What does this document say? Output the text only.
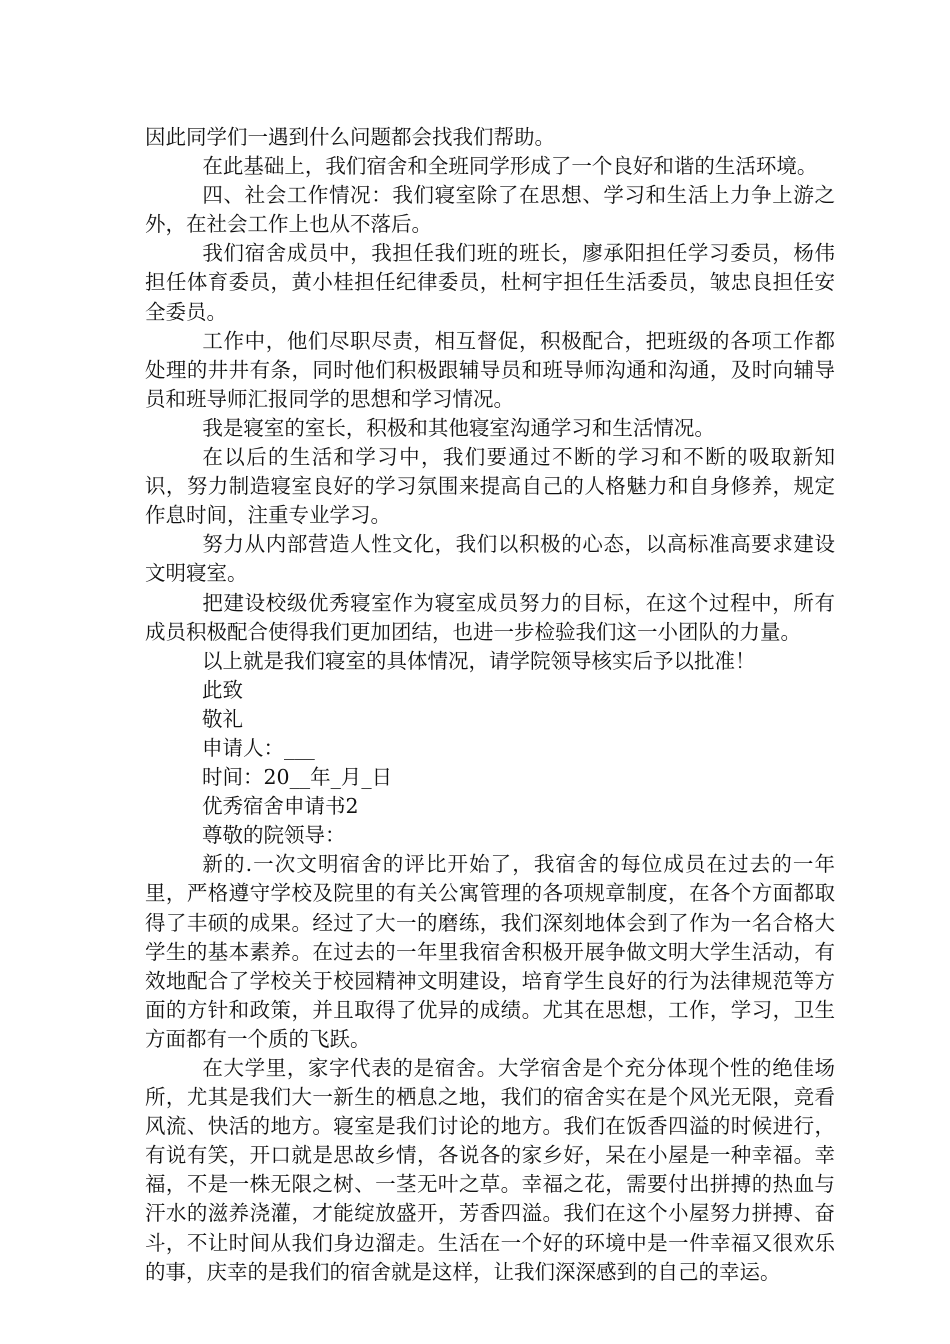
因此同学们一遇到什么问题都会找我们帮助。

在此基础上，我们宿舍和全班同学形成了一个良好和谐的生活环境。

四、社会工作情况：我们寝室除了在思想、学习和生活上力争上游之外，在社会工作上也从不落后。

我们宿舍成员中，我担任我们班的班长，廖承阳担任学习委员，杨伟担任体育委员，黄小桂担任纪律委员，杜柯宇担任生活委员，皱忠良担任安全委员。

工作中，他们尽职尽责，相互督促，积极配合，把班级的各项工作都处理的井井有条，同时他们积极跟辅导员和班导师沟通和沟通，及时向辅导员和班导师汇报同学的思想和学习情况。

我是寝室的室长，积极和其他寝室沟通学习和生活情况。

在以后的生活和学习中，我们要通过不断的学习和不断的吸取新知识，努力制造寝室良好的学习氛围来提高自己的人格魅力和自身修养，规定作息时间，注重专业学习。

努力从内部营造人性文化，我们以积极的心态，以高标准高要求建设文明寝室。

把建设校级优秀寝室作为寝室成员努力的目标，在这个过程中，所有成员积极配合使得我们更加团结，也进一步检验我们这一小团队的力量。

以上就是我们寝室的具体情况，请学院领导核实后予以批准！

此致

敬礼

申请人：___

时间：20__年_月_日

优秀宿舍申请书2

尊敬的院领导：

新的.一次文明宿舍的评比开始了，我宿舍的每位成员在过去的一年里，严格遵守学校及院里的有关公寓管理的各项规章制度，在各个方面都取得了丰硕的成果。经过了大一的磨练，我们深刻地体会到了作为一名合格大学生的基本素养。在过去的一年里我宿舍积极开展争做文明大学生活动，有效地配合了学校关于校园精神文明建设，培育学生良好的行为法律规范等方面的方针和政策，并且取得了优异的成绩。尤其在思想，工作，学习，卫生方面都有一个质的飞跃。

在大学里，家字代表的是宿舍。大学宿舍是个充分体现个性的绝佳场所，尤其是我们大一新生的栖息之地，我们的宿舍实在是个风光无限，竞看风流、快活的地方。寝室是我们讨论的地方。我们在饭香四溢的时候进行，有说有笑，开口就是思故乡情，各说各的家乡好，呆在小屋是一种幸福。幸福，不是一株无限之树、一茎无叶之草。幸福之花，需要付出拼搏的热血与汗水的滋养浇灌，才能绽放盛开，芳香四溢。我们在这个小屋努力拼搏、奋斗，不让时间从我们身边溜走。生活在一个好的环境中是一件幸福又很欢乐的事，庆幸的是我们的宿舍就是这样，让我们深深感到的自己的幸运。
